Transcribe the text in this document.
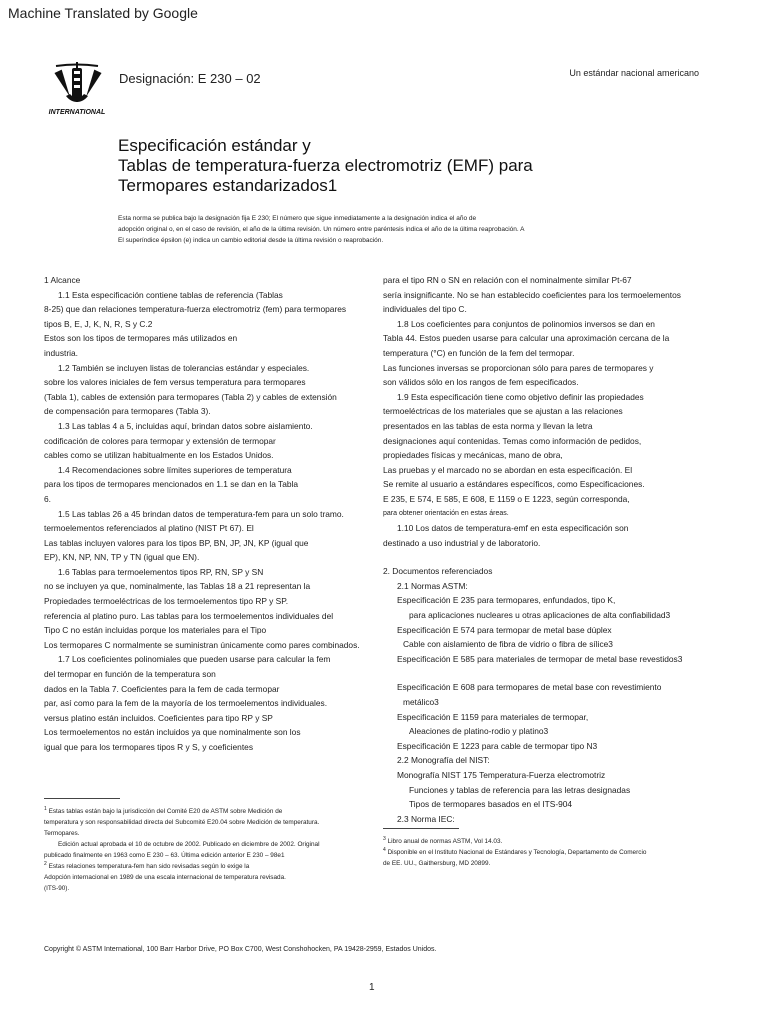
Machine Translated by Google
INTERNATIONAL
Designación: E 230 – 02	Un estándar nacional americano
Especificación estándar y
Tablas de temperatura-fuerza electromotriz (EMF) para
Termopares estandarizados1
Esta norma se publica bajo la designación fija E 230; El número que sigue inmediatamente a la designación indica el año de
adopción original o, en el caso de revisión, el año de la última revisión. Un número entre paréntesis indica el año de la última reaprobación. A
El superíndice épsilon (e) indica un cambio editorial desde la última revisión o reaprobación.
1 Alcance
1.1 Esta especificación contiene tablas de referencia (Tablas
8-25) que dan relaciones temperatura-fuerza electromotriz (fem) para termopares
tipos B, E, J, K, N, R, S y C.2
Estos son los tipos de termopares más utilizados en
industria.
1.2 También se incluyen listas de tolerancias estándar y especiales.
sobre los valores iniciales de fem versus temperatura para termopares
(Tabla 1), cables de extensión para termopares (Tabla 2) y cables de extensión
de compensación para termopares (Tabla 3).
1.3 Las tablas 4 a 5, incluidas aquí, brindan datos sobre aislamiento.
codificación de colores para termopar y extensión de termopar
cables como se utilizan habitualmente en los Estados Unidos.
1.4 Recomendaciones sobre límites superiores de temperatura
para los tipos de termopares mencionados en 1.1 se dan en la Tabla
6.
1.5 Las tablas 26 a 45 brindan datos de temperatura-fem para un solo tramo.
termoelementos referenciados al platino (NIST Pt 67). El
Las tablas incluyen valores para los tipos BP, BN, JP, JN, KP (igual que
EP), KN, NP, NN, TP y TN (igual que EN).
1.6 Tablas para termoelementos tipos RP, RN, SP y SN
no se incluyen ya que, nominalmente, las Tablas 18 a 21 representan la
Propiedades termoeléctricas de los termoelementos tipo RP y SP.
referencia al platino puro. Las tablas para los termoelementos individuales del
Tipo C no están incluidas porque los materiales para el Tipo
Los termopares C normalmente se suministran únicamente como pares combinados.
1.7 Los coeficientes polinomiales que pueden usarse para calcular la fem
del termopar en función de la temperatura son
dados en la Tabla 7. Coeficientes para la fem de cada termopar
par, así como para la fem de la mayoría de los termoelementos individuales.
versus platino están incluidos. Coeficientes para tipo RP y SP
Los termoelementos no están incluidos ya que nominalmente son los
igual que para los termopares tipos R y S, y coeficientes
para el tipo RN o SN en relación con el nominalmente similar Pt-67
sería insignificante. No se han establecido coeficientes para los termoelementos
individuales del tipo C.
1.8 Los coeficientes para conjuntos de polinomios inversos se dan en
Tabla 44. Estos pueden usarse para calcular una aproximación cercana de la
temperatura (°C) en función de la fem del termopar.
Las funciones inversas se proporcionan sólo para pares de termopares y
son válidos sólo en los rangos de fem especificados.
1.9 Esta especificación tiene como objetivo definir las propiedades
termoeléctricas de los materiales que se ajustan a las relaciones
presentados en las tablas de esta norma y llevan la letra
designaciones aquí contenidas. Temas como información de pedidos,
propiedades físicas y mecánicas, mano de obra,
Las pruebas y el marcado no se abordan en esta especificación. El
Se remite al usuario a estándares específicos, como Especificaciones.
E 235, E 574, E 585, E 608, E 1159 o E 1223, según corresponda,
para obtener orientación en estas áreas.
1.10 Los datos de temperatura-emf en esta especificación son
destinado a uso industrial y de laboratorio.
2. Documentos referenciados
2.1 Normas ASTM:
Especificación E 235 para termopares, enfundados, tipo K,
para aplicaciones nucleares u otras aplicaciones de alta confiabilidad3
Especificación E 574 para termopar de metal base dúplex
Cable con aislamiento de fibra de vidrio o fibra de sílice3
Especificación E 585 para materiales de termopar de metal base revestidos3
Especificación E 608 para termopares de metal base con revestimiento
metálico3
Especificación E 1159 para materiales de termopar,
Aleaciones de platino-rodio y platino3
Especificación E 1223 para cable de termopar tipo N3
2.2 Monografía del NIST:
Monografía NIST 175 Temperatura-Fuerza electromotriz
Funciones y tablas de referencia para las letras designadas
Tipos de termopares basados en el ITS-904
2.3 Norma IEC:
$^1$ Estas tablas están bajo la jurisdicción del Comité E20 de ASTM sobre Medición de
temperatura y son responsabilidad directa del Subcomité E20.04 sobre Medición de temperatura.
Termopares.
Edición actual aprobada el 10 de octubre de 2002. Publicado en diciembre de 2002. Original
publicado finalmente en 1963 como E 230 – 63. Última edición anterior E 230 – 98e1
$^2$ Estas relaciones temperatura-fem han sido revisadas según lo exige la
Adopción internacional en 1989 de una escala internacional de temperatura revisada.
(ITS-90).
$^3$ Libro anual de normas ASTM, Vol 14.03.
$^4$ Disponible en el Instituto Nacional de Estándares y Tecnología, Departamento de Comercio
de EE. UU., Gaithersburg, MD 20899.
Copyright © ASTM International, 100 Barr Harbor Drive, PO Box C700, West Conshohocken, PA 19428-2959, Estados Unidos.
1
